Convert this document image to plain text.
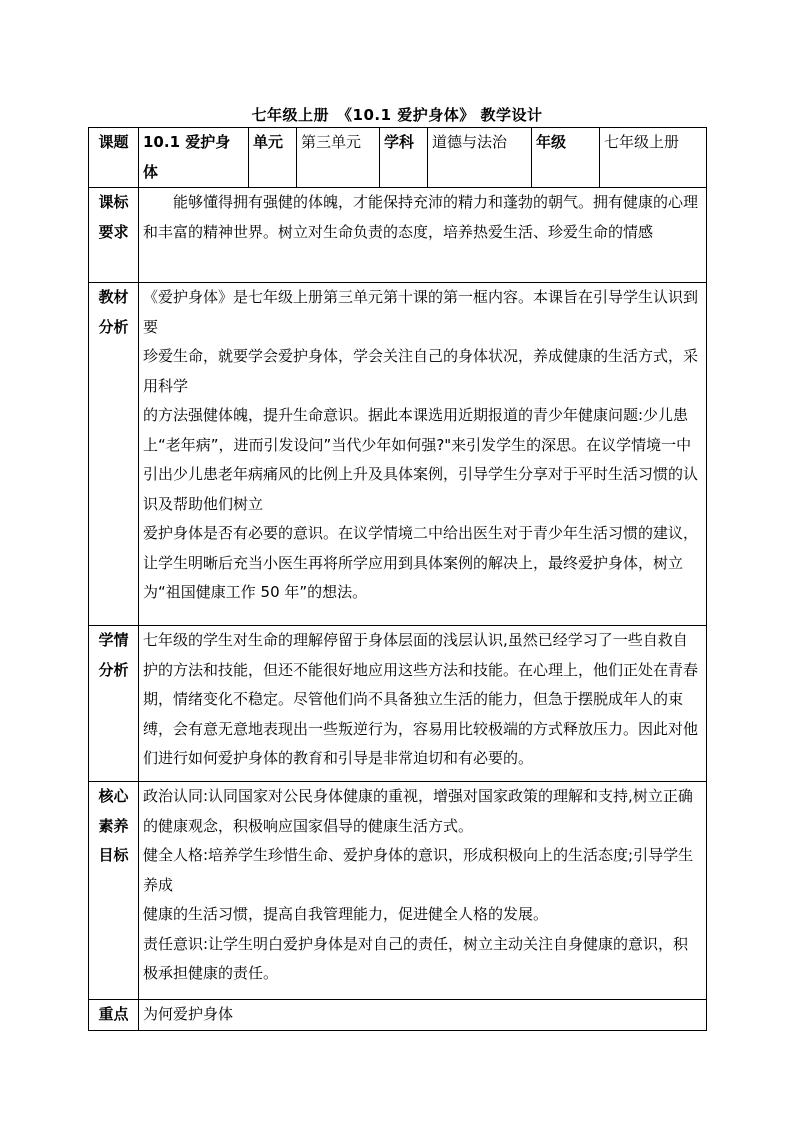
七年级上册　《10.1 爱护身体》 教学设计
课题	10.1 爱护身体	单元	第三单元	学科	道德与法治	年级	七年级上册

课标
要求	能够懂得拥有强健的体魄，才能保持充沛的精力和蓬勃的朝气。拥有健康的心理和丰富的精神世界。树立对生命负责的态度，培养热爱生活、珍爱生命的情感						

教材
分析	《爱护身体》是七年级上册第三单元第十课的第一框内容。本课旨在引导学生认识到要
珍爱生命，就要学会爱护身体，学会关注自己的身体状况，养成健康的生活方式，采用科学
的方法强健体魄，提升生命意识。据此本课选用近期报道的青少年健康问题:少儿患上“老年病”，进而引发设问”当代少年如何强?"来引发学生的深思。在议学情境一中引出少儿患老年病痛风的比例上升及具体案例，引导学生分享对于平时生活习惯的认识及帮助他们树立
爱护身体是否有必要的意识。在议学情境二中给出医生对于青少年生活习惯的建议，让学生明晰后充当小医生再将所学应用到具体案例的解决上，最终爱护身体，树立为“祖国健康工作 50 年”的想法。						

学情
分析	七年级的学生对生命的理解停留于身体层面的浅层认识,虽然已经学习了一些自救自护的方法和技能，但还不能很好地应用这些方法和技能。在心理上，他们正处在青春期，情绪变化不稳定。尽管他们尚不具备独立生活的能力，但急于摆脱成年人的束缚，会有意无意地表现出一些叛逆行为，容易用比较极端的方式释放压力。因此对他们进行如何爱护身体的教育和引导是非常迫切和有必要的。						

核心
素养
目标	政治认同:认同国家对公民身体健康的重视，增强对国家政策的理解和支持,树立正确的健康观念，积极响应国家倡导的健康生活方式。
健全人格:培养学生珍惜生命、爱护身体的意识，形成积极向上的生活态度;引导学生养成
健康的生活习惯，提高自我管理能力，促进健全人格的发展。
责任意识:让学生明白爱护身体是对自己的责任，树立主动关注自身健康的意识，积极承担健康的责任。						

重点	为何爱护身体						
